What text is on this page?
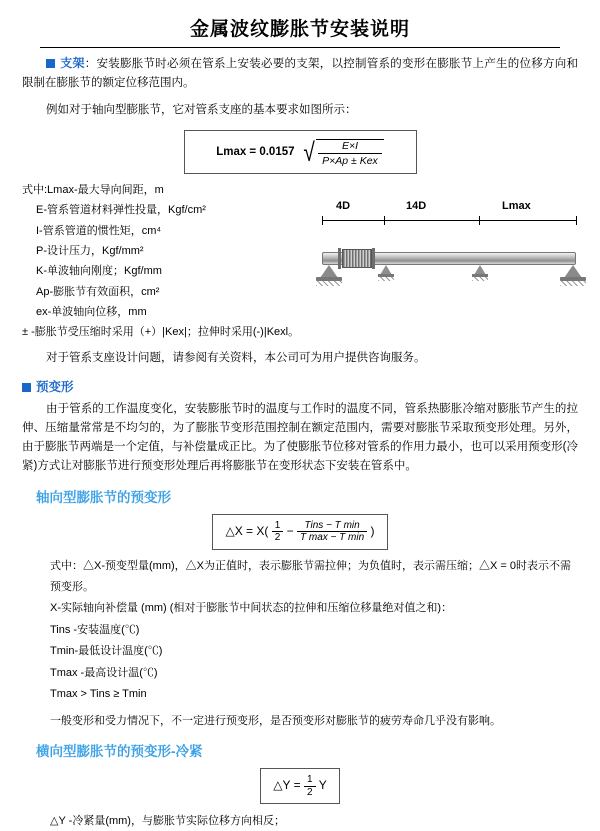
金属波纹膨胀节安装说明

支架：安装膨胀节时必须在管系上安装必要的支架，以控制管系的变形在膨胀节上产生的位移方向和限制在膨胀节的额定位移范围内。

例如对于轴向型膨胀节，它对管系支座的基本要求如图所示：

Lmax = 0.0157 √ $\frac{E\times I}{\text{P×Ap ± Kex}}$
式中:Lmax-最大导向间距，m
E-管系管道材料弹性投量，Kgf/cm²
I-管系管道的惯性矩，cm⁴
P-设计压力，Kgf/mm²
K-单波轴向刚度；Kgf/mm
Ap-膨胀节有效面积，cm²
ex-单波轴向位移，mm
± -膨胀节受压缩时采用（+）|Kex|；拉伸时采用(-)|Kexl。

对于管系支座设计问题，请参阅有关资料，本公司可为用户提供咨询服务。

预变形

由于管系的工作温度变化，安装膨胀节时的温度与工作时的温度不同，管系热膨胀冷缩对膨胀节产生的拉伸、压缩量常常是不均匀的，为了膨胀节变形范围控制在额定范围内，需要对膨胀节采取预变形处理。另外，由于膨胀节两端是一个定值，与补偿量成正比。为了使膨胀节位移对管系的作用力最小，也可以采用预变形(冷紧)方式让对膨胀节进行预变形处理后再将膨胀节在变形状态下安装在管系中。

轴向型膨胀节的预变形
△X = $X( \frac{1}{2}$ −	Tins − T min
T max − T min )
式中：△X-预变型量(mm)，△X为正值时，表示膨胀节需拉伸；为负值时，表示需压缩；△X = 0时表示不需预变形。
X-实际轴向补偿量 (mm) (相对于膨胀节中间状态的拉伸和压缩位移量绝对值之和)：
Tins -安装温度(℃)
Tmin-最低设计温度(℃)
Tmax -最高设计温(℃)
Tmax > Tins ≥ Tmin
一般变形和受力情况下，不一定进行预变形，是否预变形对膨胀节的疲劳寿命几乎没有影响。
横向型膨胀节的预变形-冷紧
△Y = $\frac{1}{2}$ Y
△Y -冷紧量(mm)，与膨胀节实际位移方向相反；
4D	14D	Lmax
